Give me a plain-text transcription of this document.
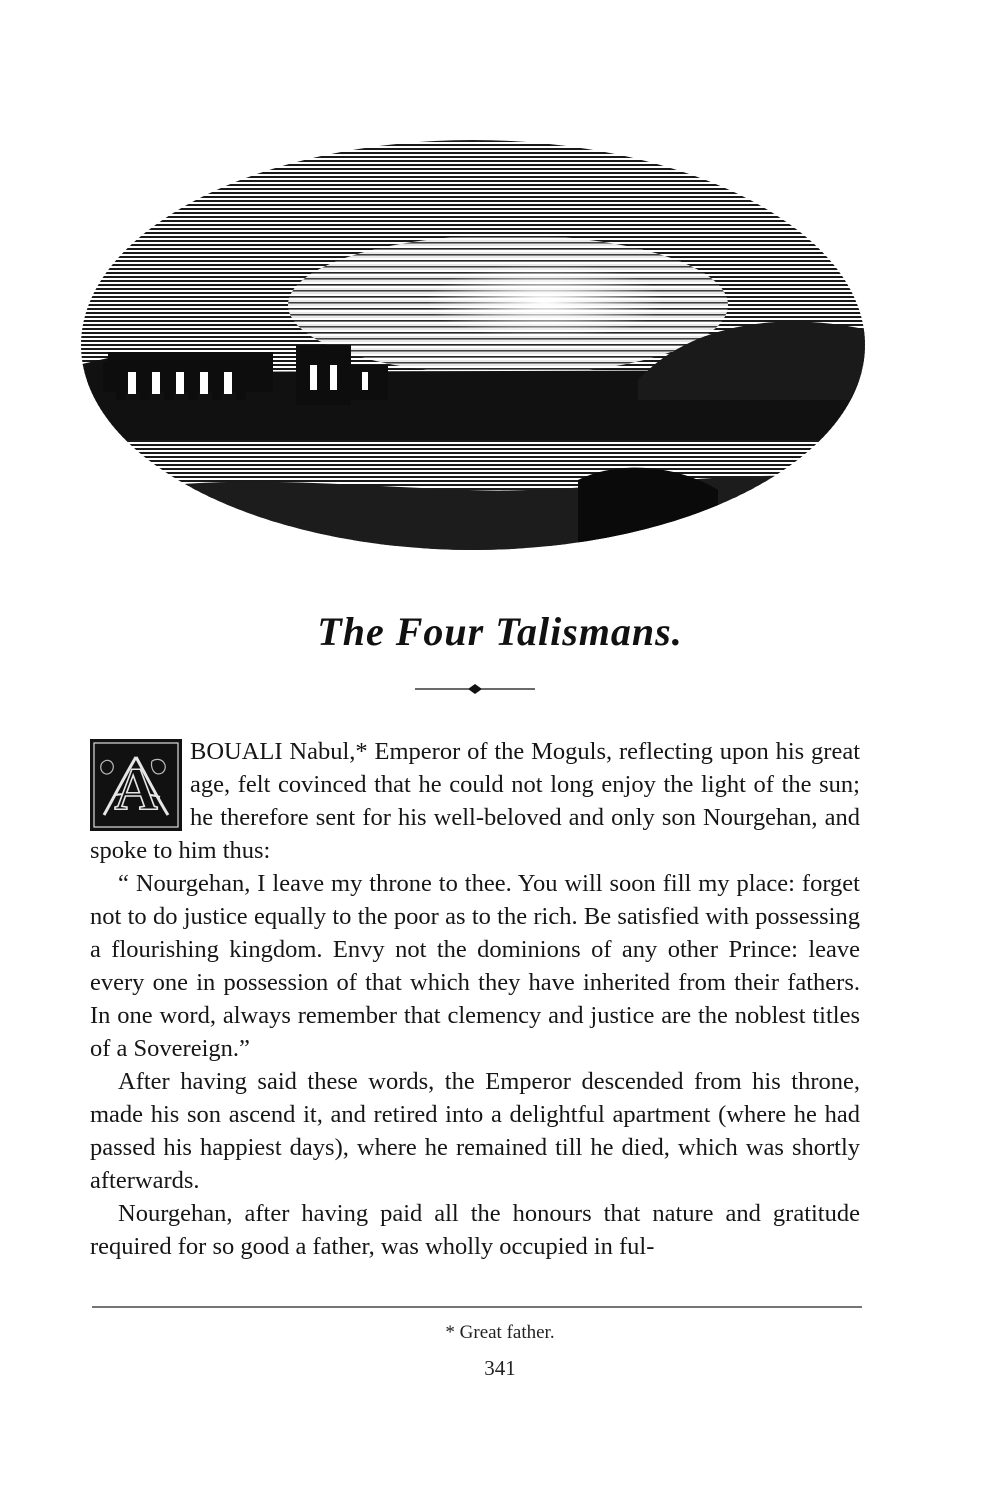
The Four Talismans.

A
BOUALI Nabul,* Emperor of the Moguls, reflecting upon his great age, felt covinced that he could not long enjoy the light of the sun; he therefore sent for his well-beloved and only son Nourgehan, and spoke to him thus:

“ Nourgehan, I leave my throne to thee. You will soon fill my place: forget not to do justice equally to the poor as to the rich. Be satisfied with possessing a flourishing kingdom. Envy not the dominions of any other Prince: leave every one in possession of that which they have inherited from their fathers. In one word, always remember that clemency and justice are the noblest titles of a Sovereign.”

After having said these words, the Emperor descended from his throne, made his son ascend it, and retired into a delightful apartment (where he had passed his happiest days), where he remained till he died, which was shortly afterwards.

Nourgehan, after having paid all the honours that nature and gratitude required for so good a father, was wholly occupied in ful-

* Great father.
341
